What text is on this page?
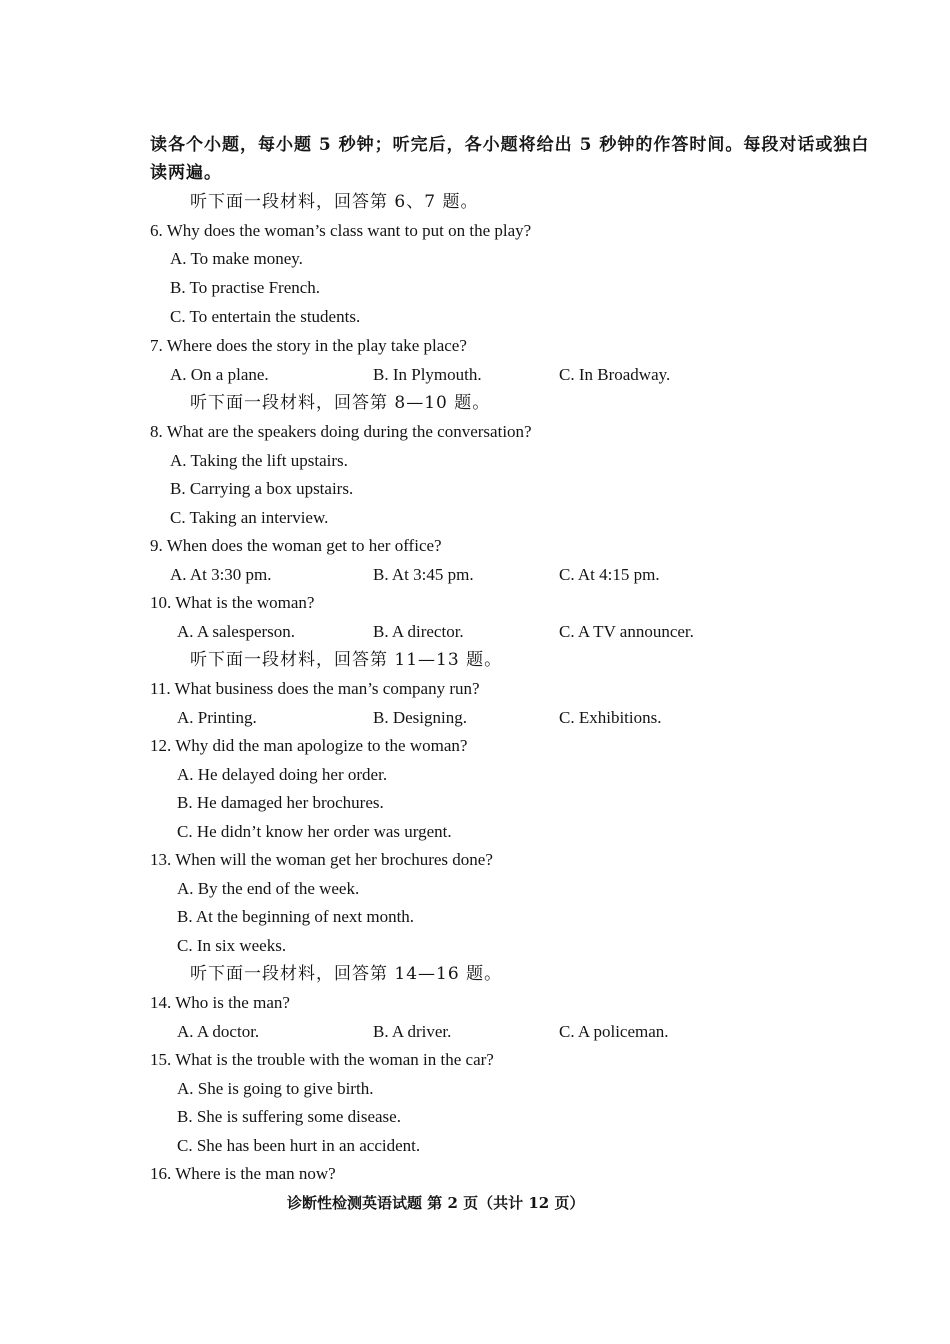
读各个小题，每小题 5 秒钟；听完后，各小题将给出 5 秒钟的作答时间。每段对话或独白
读两遍。
听下面一段材料，回答第 6、7 题。
6. Why does the woman’s class want to put on the play?
A. To make money.
B. To practise French.
C. To entertain the students.
7. Where does the story in the play take place?
A. On a plane.	B. In Plymouth.	C. In Broadway.
听下面一段材料，回答第 8—10 题。
8. What are the speakers doing during the conversation?
A. Taking the lift upstairs.
B. Carrying a box upstairs.
C. Taking an interview.
9. When does the woman get to her office?
A. At 3:30 pm.	B. At 3:45 pm.	C. At 4:15 pm.
10. What is the woman?
A. A salesperson.	B. A director.	C. A TV announcer.
听下面一段材料，回答第 11—13 题。
11. What business does the man’s company run?
A. Printing.	B. Designing.	C. Exhibitions.
12. Why did the man apologize to the woman?
A. He delayed doing her order.
B. He damaged her brochures.
C. He didn’t know her order was urgent.
13. When will the woman get her brochures done?
A. By the end of the week.
B. At the beginning of next month.
C. In six weeks.
听下面一段材料，回答第 14—16 题。
14. Who is the man?
A. A doctor.	B. A driver.	C. A policeman.
15. What is the trouble with the woman in the car?
A. She is going to give birth.
B. She is suffering some disease.
C. She has been hurt in an accident.
16. Where is the man now?
诊断性检测英语试题 第 2 页（共计 12 页）
